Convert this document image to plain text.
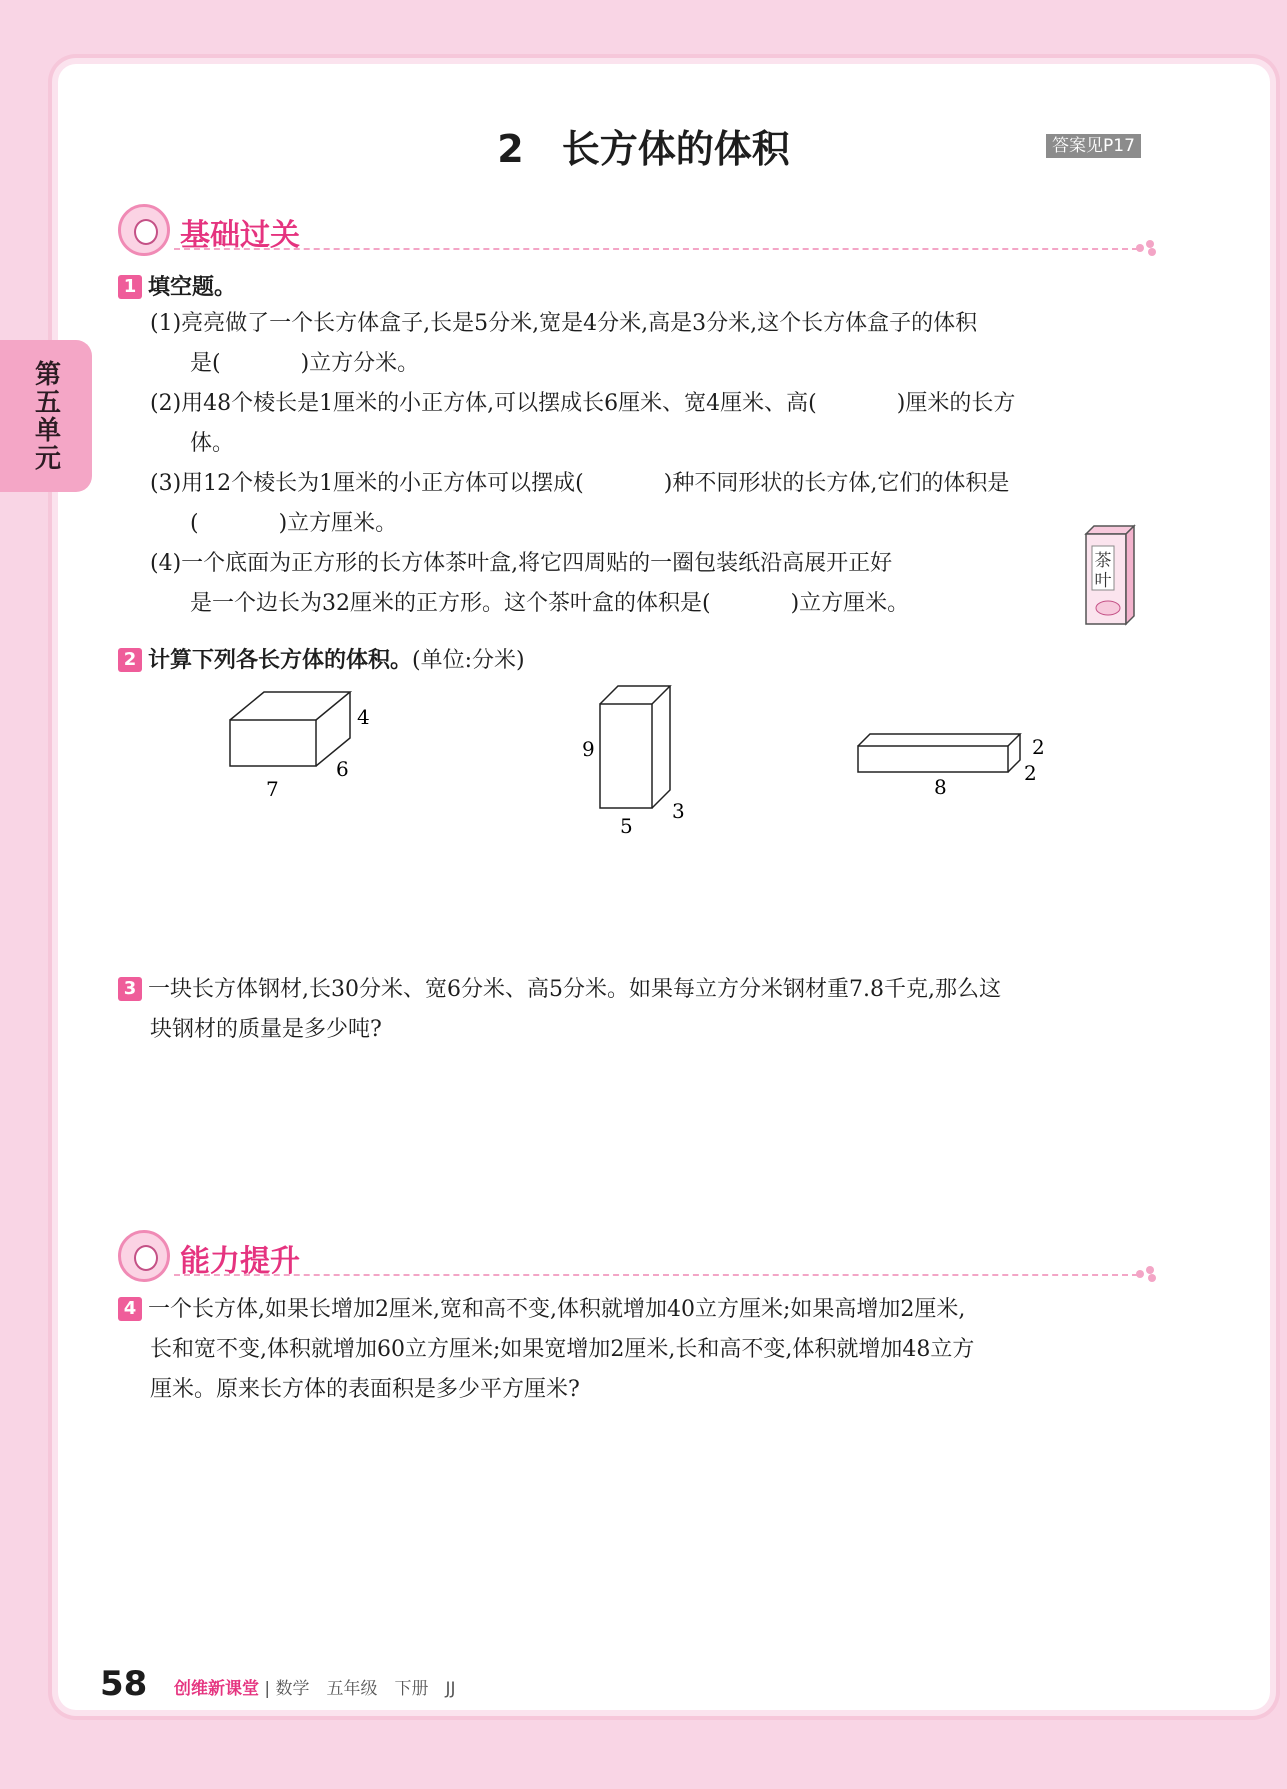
第五单元
2　长方体的体积	答案见P17
基础过关
1 填空题。
(1)亮亮做了一个长方体盒子,长是5分米,宽是4分米,高是3分米,这个长方体盒子的体积
是(	)立方分米。
(2)用48个棱长是1厘米的小正方体,可以摆成长6厘米、宽4厘米、高(	)厘米的长方
体。
(3)用12个棱长为1厘米的小正方体可以摆成(	)种不同形状的长方体,它们的体积是
(	)立方厘米。
(4)一个底面为正方形的长方体茶叶盒,将它四周贴的一圈包装纸沿高展开正好
是一个边长为32厘米的正方形。这个茶叶盒的体积是(	)立方厘米。
茶
叶
2 计算下列各长方体的体积。(单位:分米)
4
6
7
9
5
3
2
2
8
3 一块长方体钢材,长30分米、宽6分米、高5分米。如果每立方分米钢材重7.8千克,那么这
块钢材的质量是多少吨?
能力提升
4 一个长方体,如果长增加2厘米,宽和高不变,体积就增加40立方厘米;如果高增加2厘米,
长和宽不变,体积就增加60立方厘米;如果宽增加2厘米,长和高不变,体积就增加48立方
厘米。原来长方体的表面积是多少平方厘米?
58 创维新课堂 | 数学　五年级　下册　JJ
